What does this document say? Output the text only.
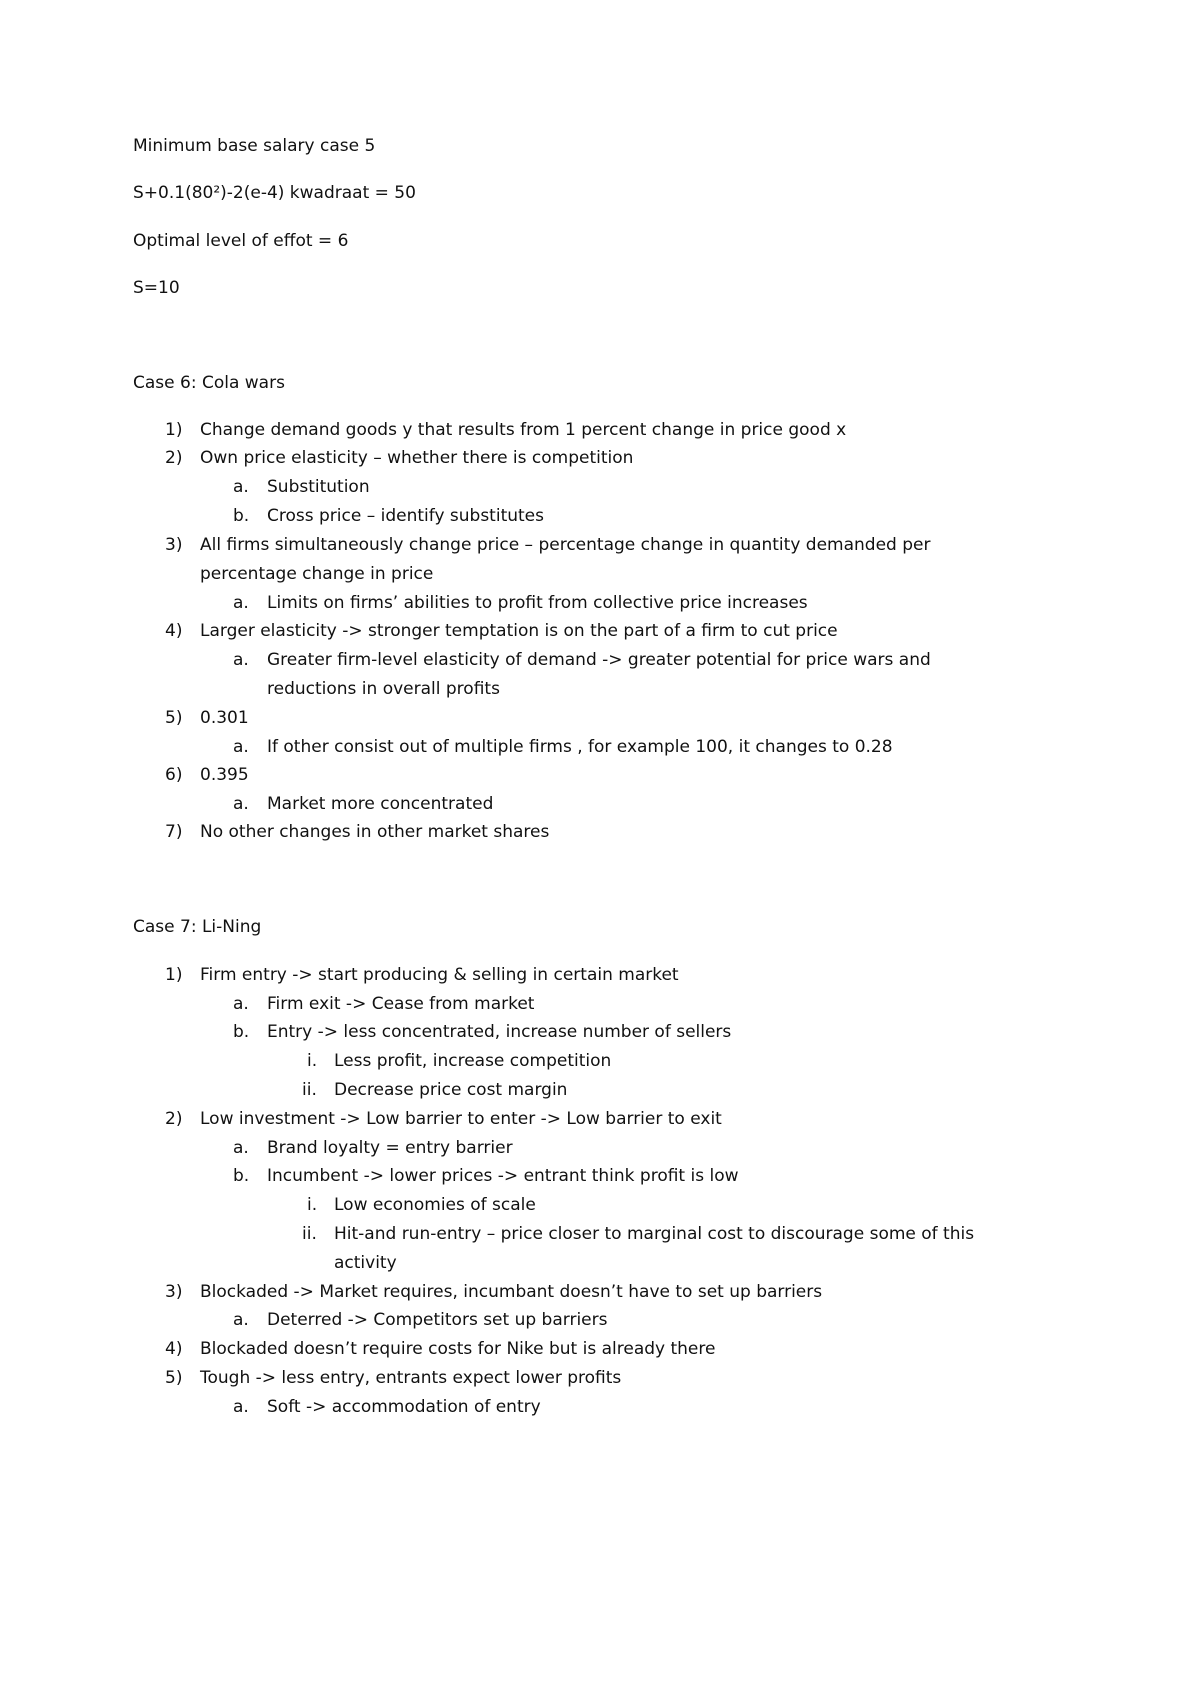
Minimum base salary case 5
S+0.1(80²)-2(e-4) kwadraat = 50
Optimal level of effot = 6
S=10
Case 6: Cola wars
1) Change demand goods y that results from 1 percent change in price good x
2) Own price elasticity – whether there is competition
a. Substitution
b. Cross price – identify substitutes
3) All firms simultaneously change price – percentage change in quantity demanded per
percentage change in price
a. Limits on firms’ abilities to profit from collective price increases
4) Larger elasticity -> stronger temptation is on the part of a firm to cut price
a. Greater firm-level elasticity of demand -> greater potential for price wars and
reductions in overall profits
5) 0.301
a. If other consist out of multiple firms , for example 100, it changes to 0.28
6) 0.395
a. Market more concentrated
7) No other changes in other market shares
Case 7: Li-Ning
1) Firm entry -> start producing & selling in certain market
a. Firm exit -> Cease from market
b. Entry -> less concentrated, increase number of sellers
i. Less profit, increase competition
ii. Decrease price cost margin
2) Low investment -> Low barrier to enter -> Low barrier to exit
a. Brand loyalty = entry barrier
b. Incumbent -> lower prices -> entrant think profit is low
i. Low economies of scale
ii. Hit-and run-entry – price closer to marginal cost to discourage some of this
activity
3) Blockaded -> Market requires, incumbant doesn’t have to set up barriers
a. Deterred -> Competitors set up barriers
4) Blockaded doesn’t require costs for Nike but is already there
5) Tough -> less entry, entrants expect lower profits
a. Soft -> accommodation of entry
